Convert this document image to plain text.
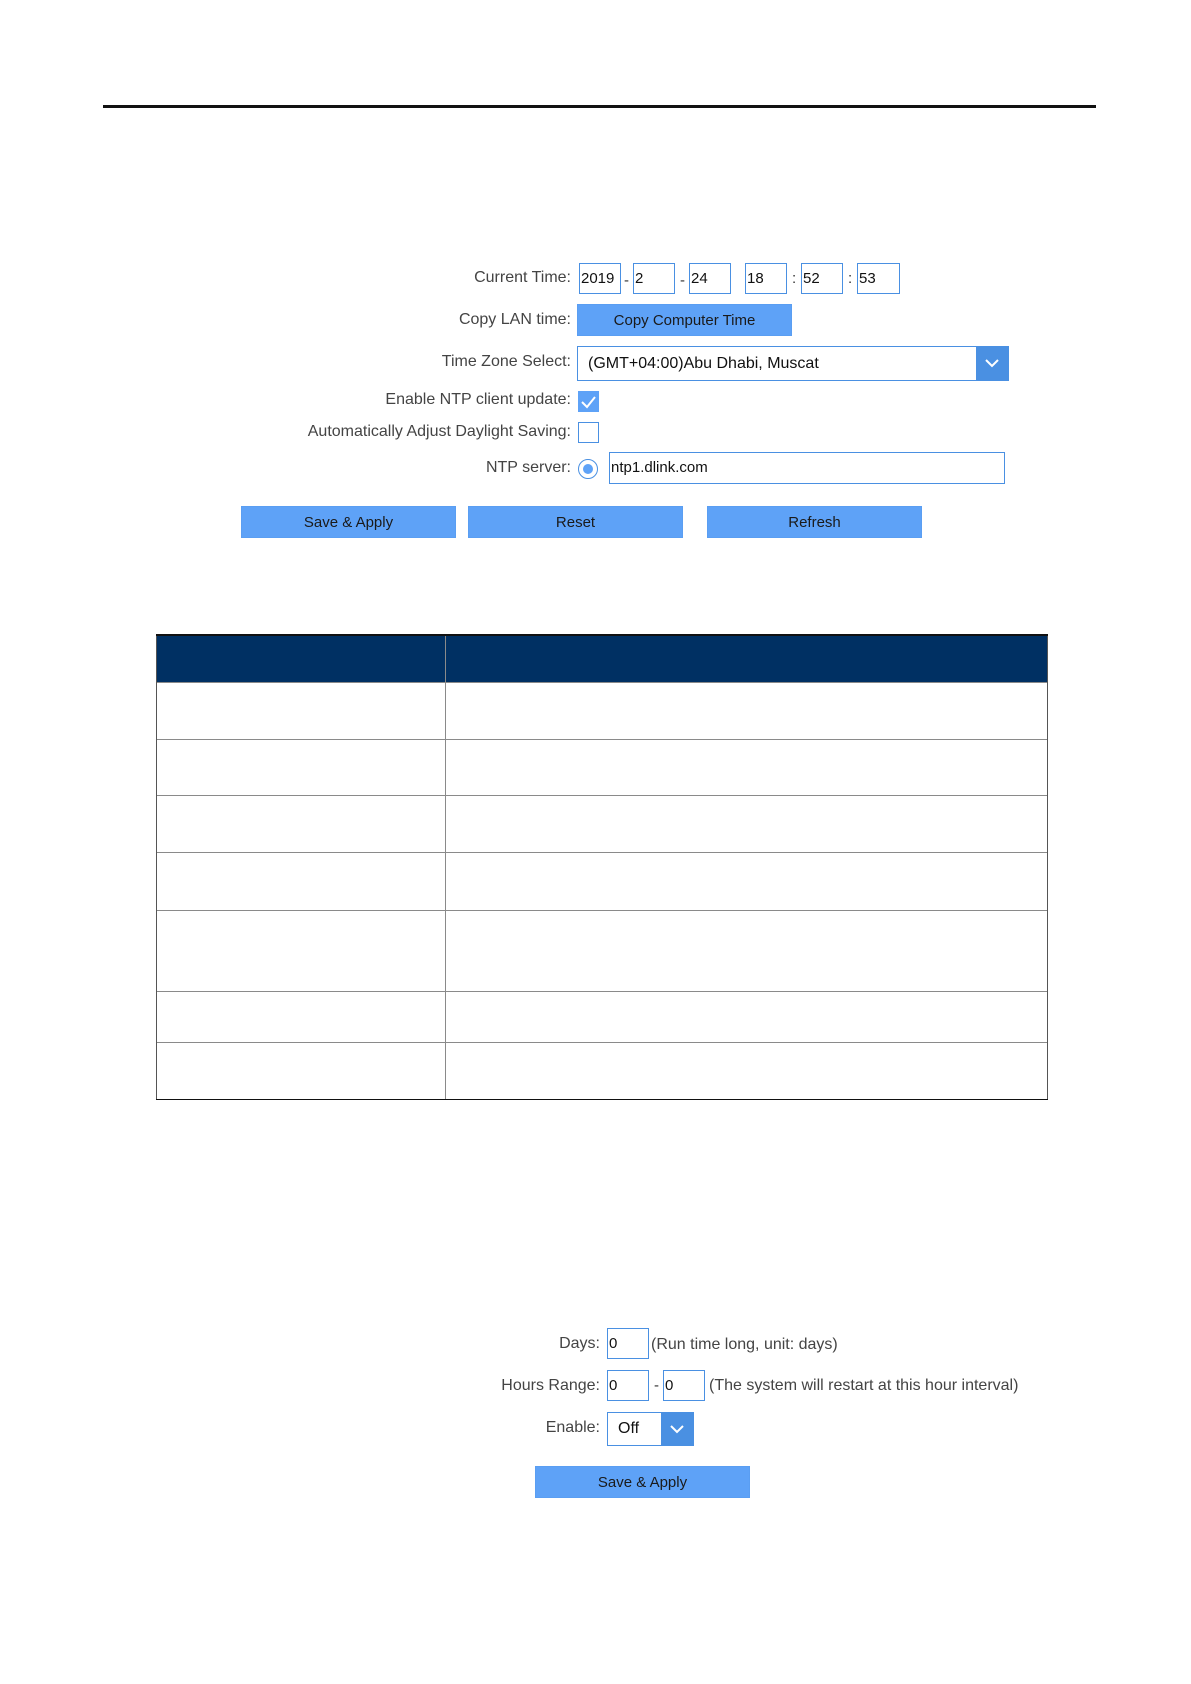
Current Time: 2019 - 2	- 24	18	: 52	: 53
Copy LAN time:	Copy Computer Time
Time Zone Select: (GMT+04:00)Abu Dhabi, Muscat
Enable NTP client update:
Automatically Adjust Daylight Saving:
NTP server:	ntp1.dlink.com
Save & Apply	Reset	Refresh

Days: 0	(Run time long, unit: days)
Hours Range: 0	- 0	(The system will restart at this hour interval)
Enable: Off
Save & Apply
